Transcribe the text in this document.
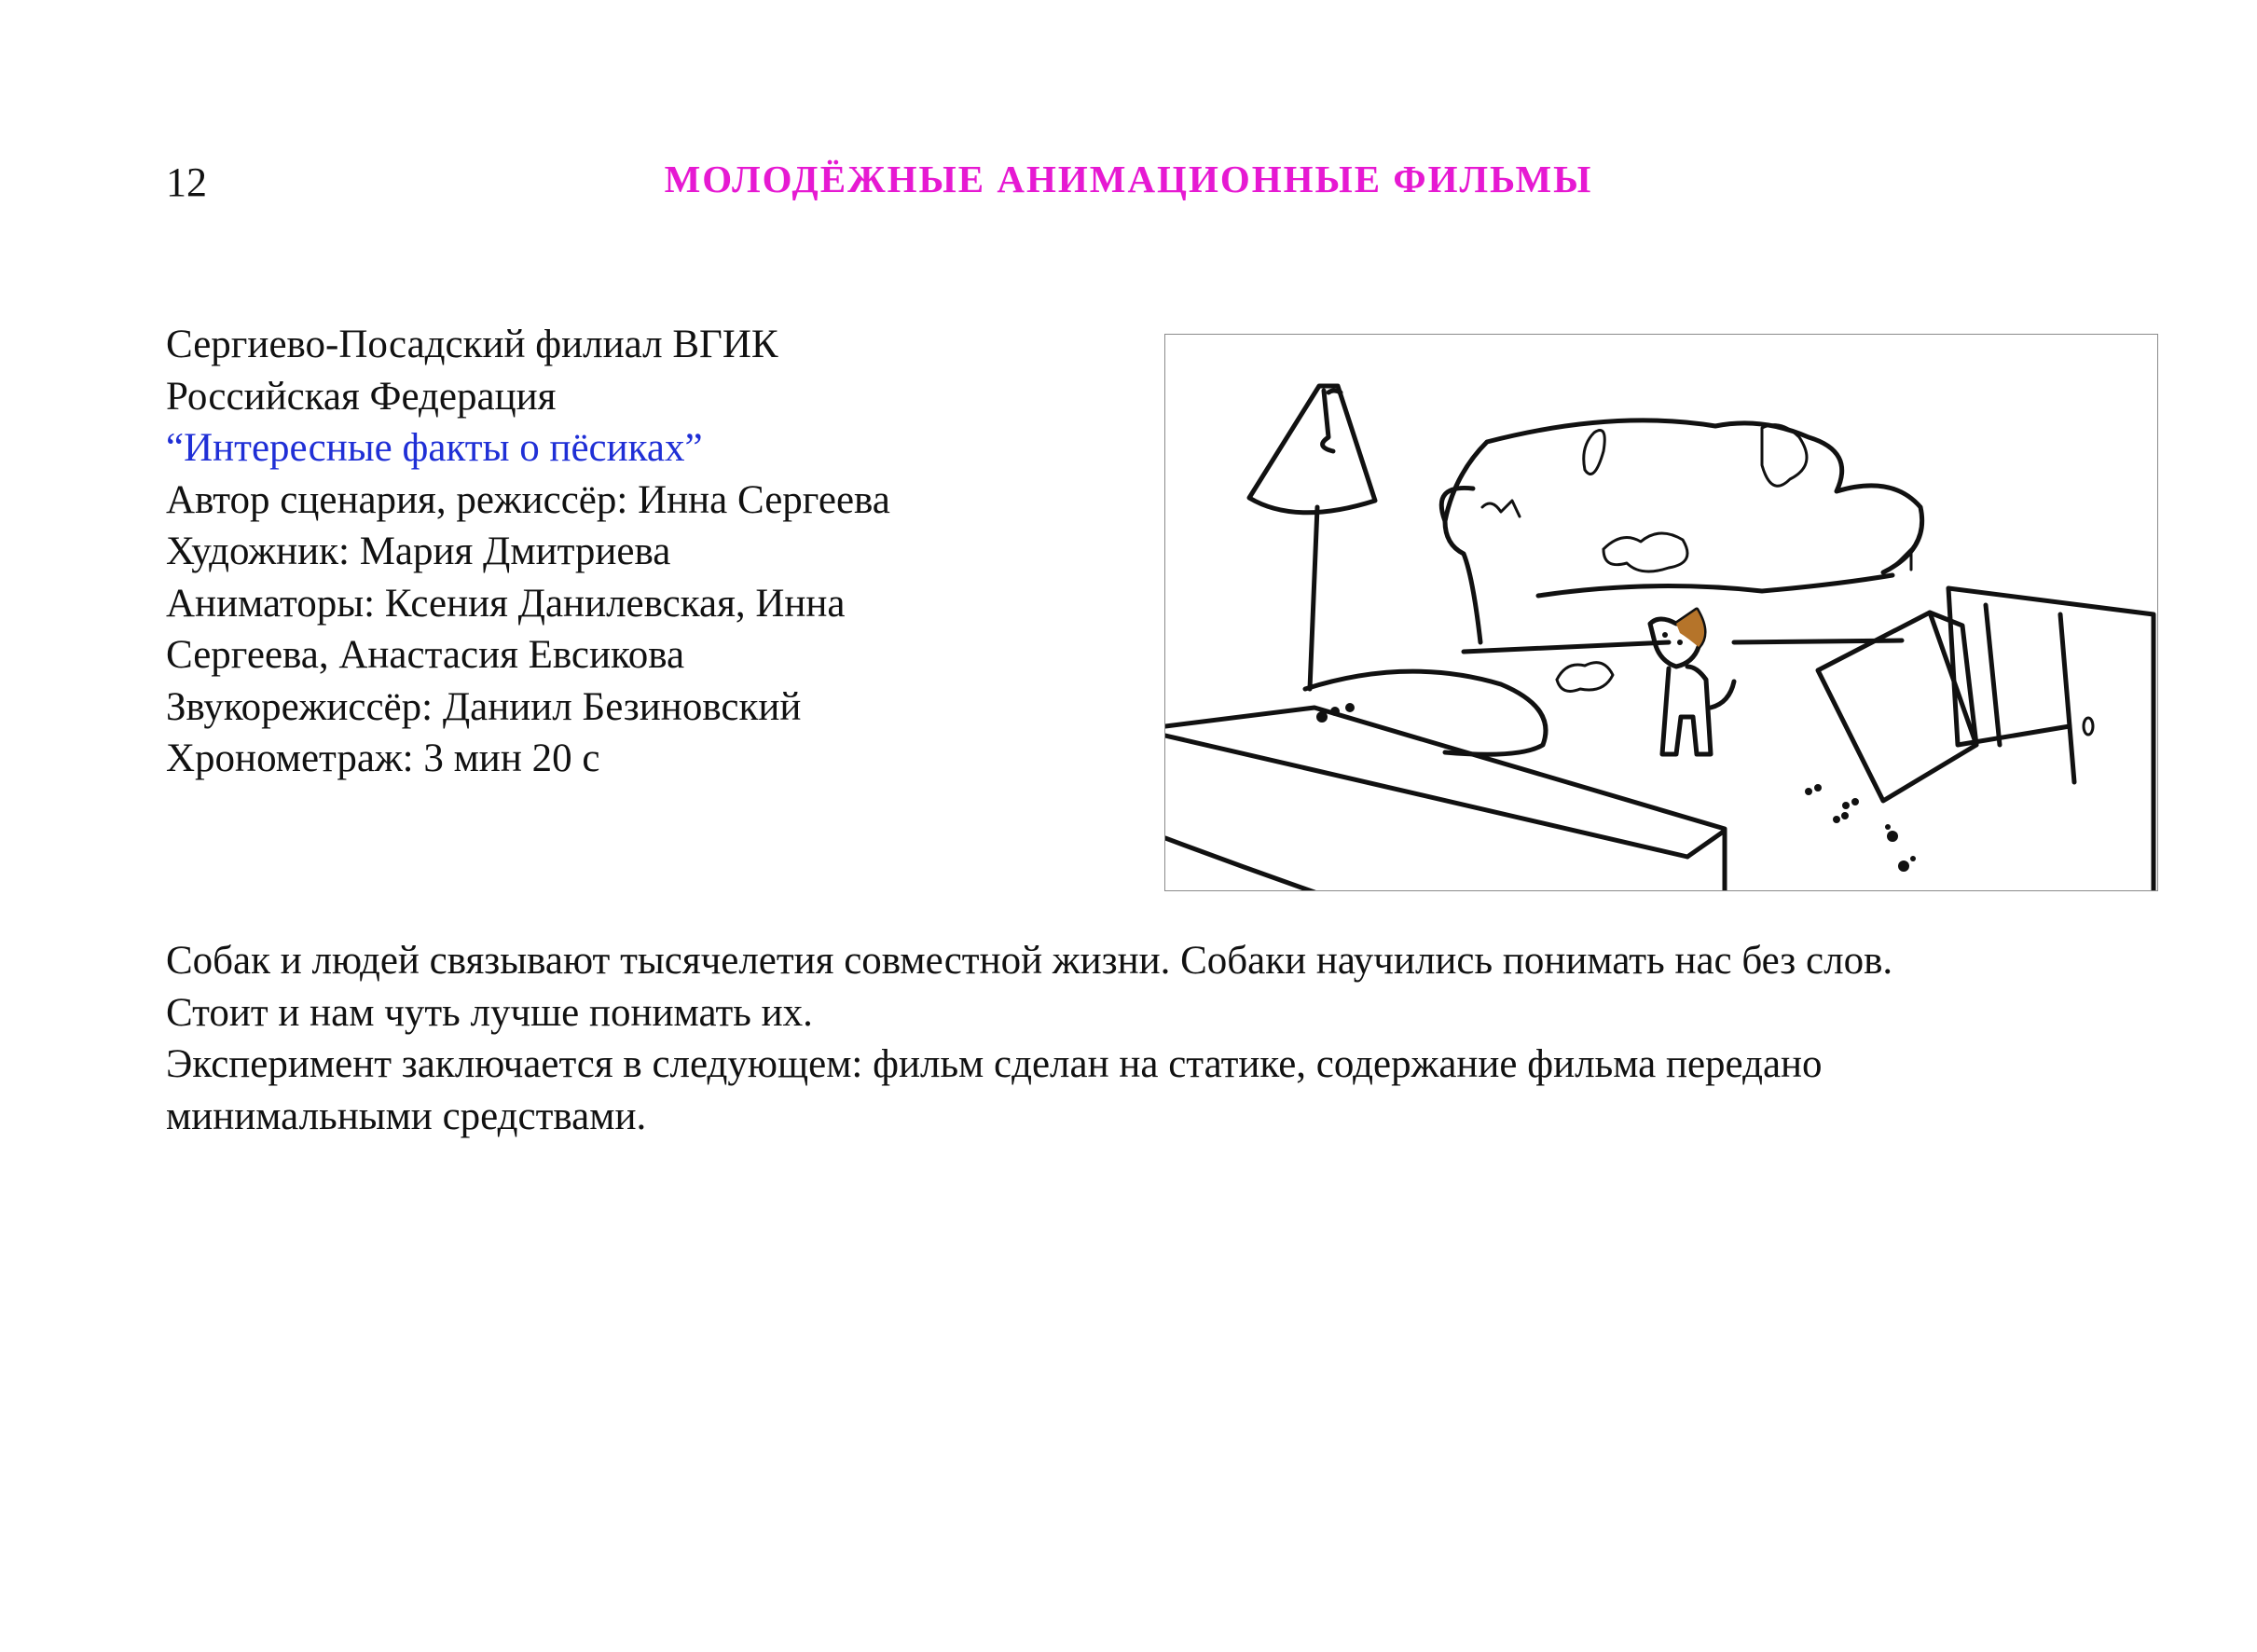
12	МОЛОДЁЖНЫЕ АНИМАЦИОННЫЕ ФИЛЬМЫ
Сергиево-Посадский филиал ВГИК
Российская Федерация
“Интересные факты о пёсиках”
Автор сценария, режиссёр: Инна Сергеева
Художник: Мария Дмитриева
Аниматоры: Ксения Данилевская, Инна
Сергеева, Анастасия Евсикова
Звукорежиссёр: Даниил Безиновский
Хронометраж: 3 мин 20 с
Собак и людей связывают тысячелетия совместной жизни. Собаки научились понимать нас без слов.
Стоит и нам чуть лучше понимать их.
Эксперимент заключается в следующем: фильм сделан на статике, содержание фильма передано
минимальными средствами.
